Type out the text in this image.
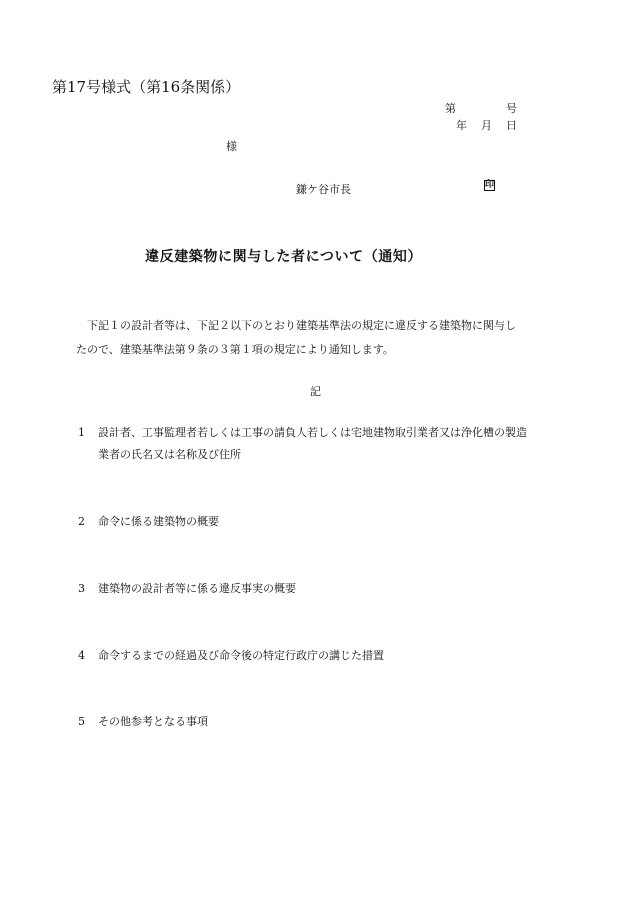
第17号様式（第16条関係）
第	号
年 月 日
様
鎌ケ谷市長	印
違反建築物に関与した者について（通知）
下記１の設計者等は、下記２以下のとおり建築基準法の規定に違反する建築物に関与し
たので、建築基準法第９条の３第１項の規定により通知します。
記
1 設計者、工事監理者若しくは工事の請負人若しくは宅地建物取引業者又は浄化槽の製造
業者の氏名又は名称及び住所
2 命令に係る建築物の概要
3 建築物の設計者等に係る違反事実の概要
4 命令するまでの経過及び命令後の特定行政庁の講じた措置
5 その他参考となる事項
